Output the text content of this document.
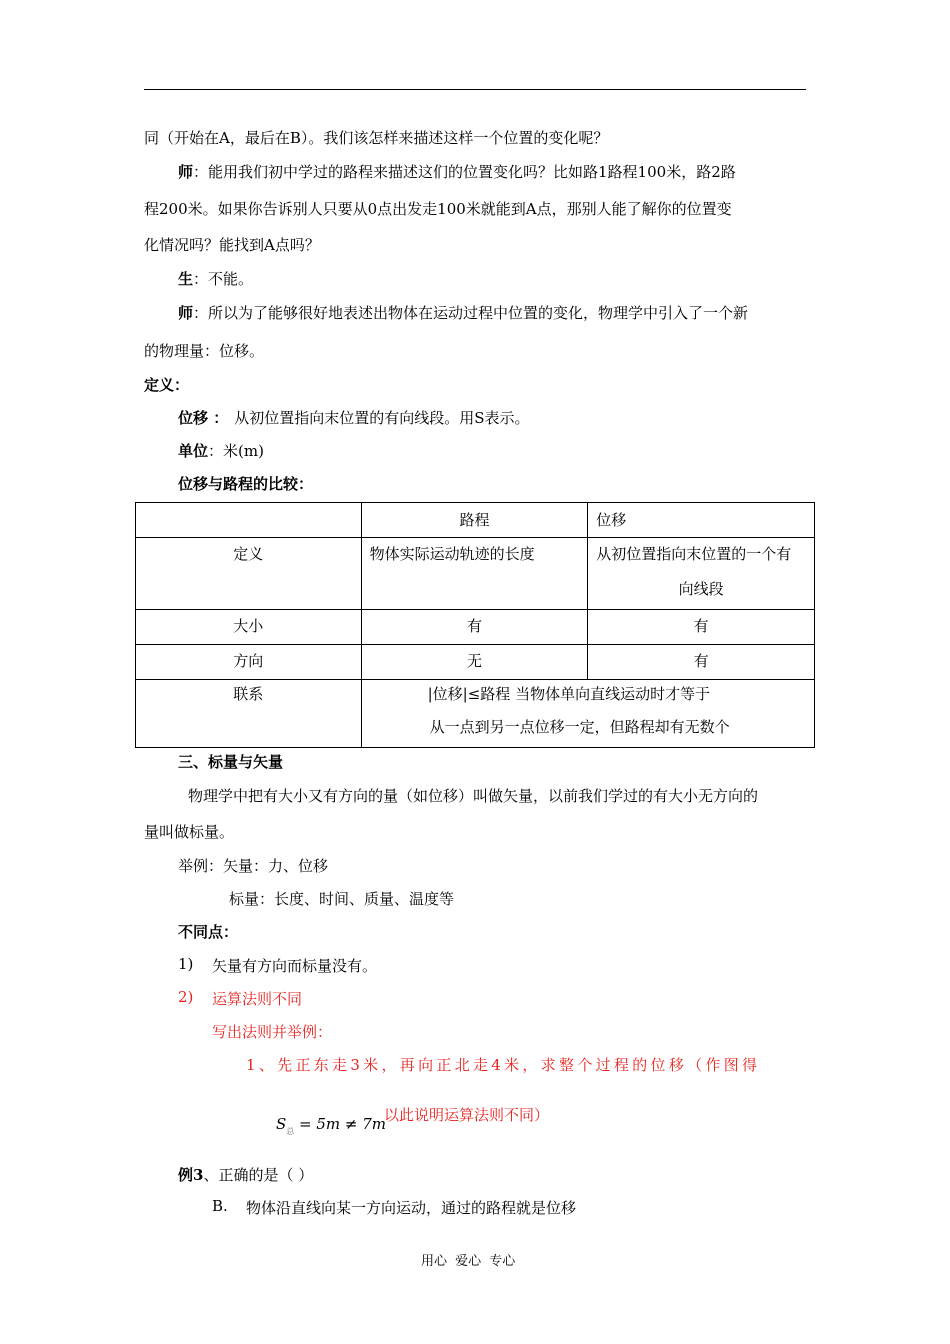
同（开始在A，最后在B）。我们该怎样来描述这样一个位置的变化呢？
师：能用我们初中学过的路程来描述这们的位置变化吗？比如路1路程100米，路2路
程200米。如果你告诉别人只要从0点出发走100米就能到A点，那别人能了解你的位置变
化情况吗？能找到A点吗？
生：不能。
师：所以为了能够很好地表述出物体在运动过程中位置的变化，物理学中引入了一个新
的物理量：位移。
定义：
位移 ： 从初位置指向末位置的有向线段。用S表示。
单位：米(m)
位移与路程的比较：
	路程	位移
定义	物体实际运动轨迹的长度	从初位置指向末位置的一个有
向线段

大小	有	有
方向	无	有
联系	|位移|≤路程 当物体单向直线运动时才等于
从一点到另一点位移一定，但路程却有无数个	
三、标量与矢量
物理学中把有大小又有方向的量（如位移）叫做矢量，以前我们学过的有大小无方向的
量叫做标量。
举例：矢量：力、位移
标量：长度、时间、质量、温度等
不同点：
1) 矢量有方向而标量没有。
2) 运算法则不同
写出法则并举例：
1、先正东走3米，再向正北走4米，求整个过程的位移（作图得
$S_总 = 5m \ne 7m$
以此说明运算法则不同）
例3、正确的是（ ）
B. 物体沿直线向某一方向运动，通过的路程就是位移
用心 爱心 专心
